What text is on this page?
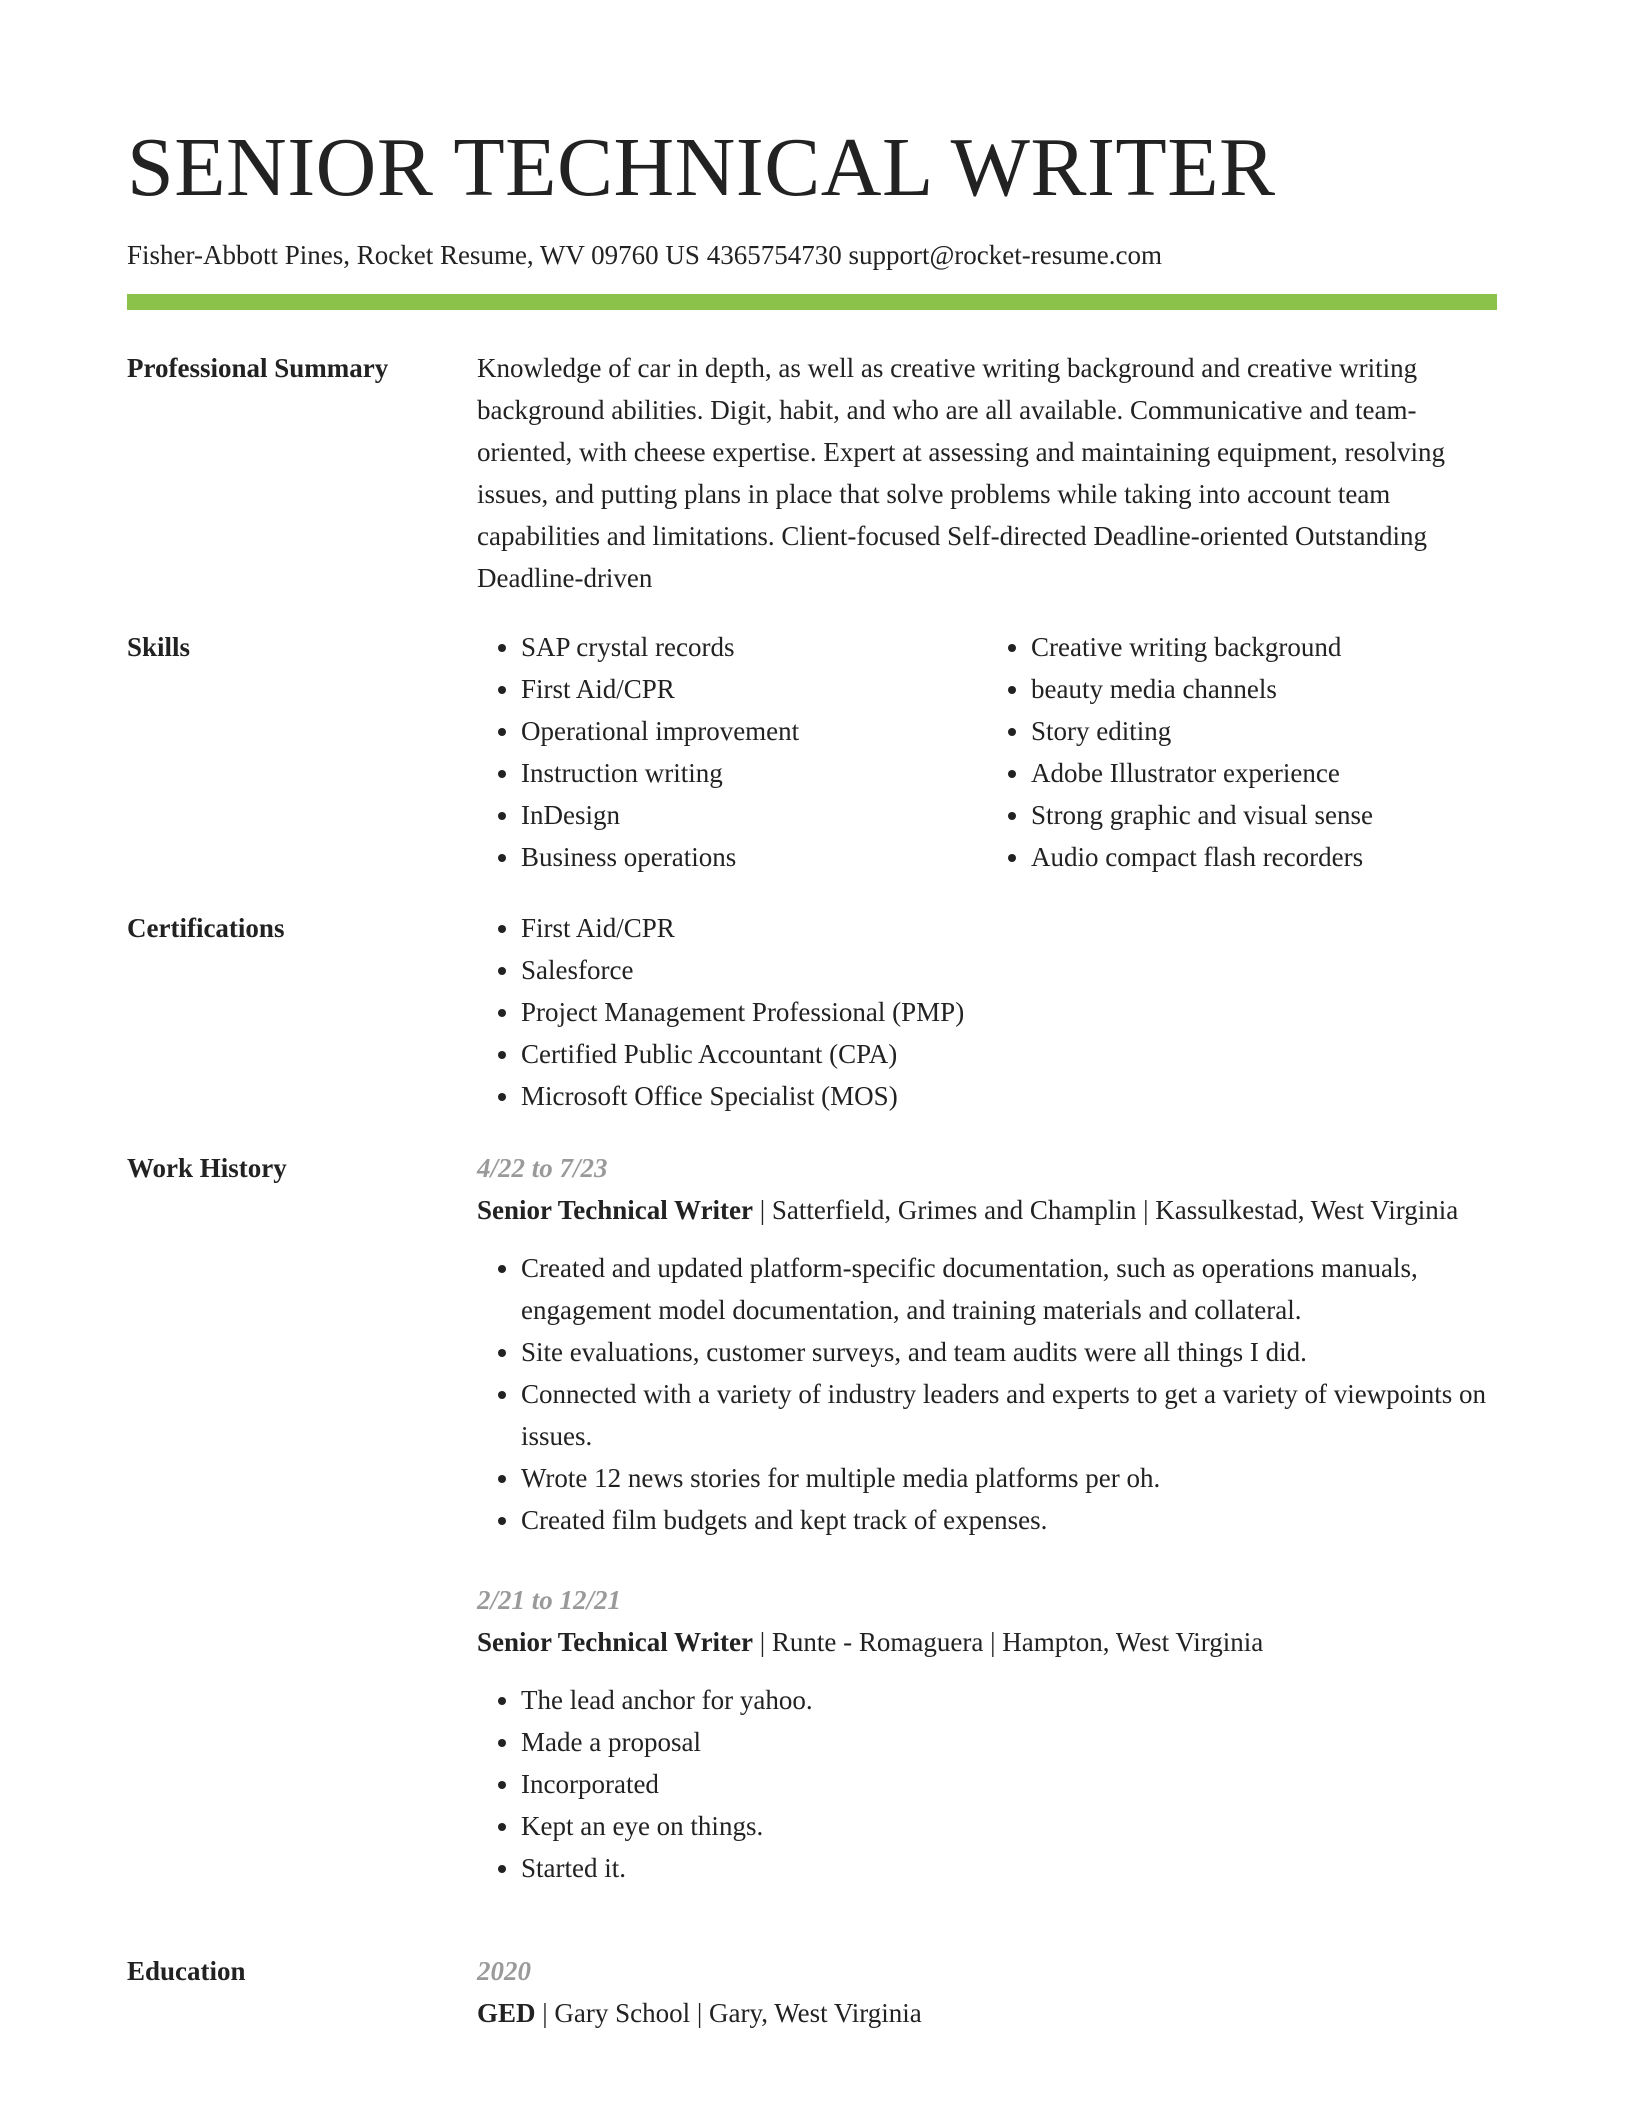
SENIOR TECHNICAL WRITER
Fisher-Abbott Pines, Rocket Resume, WV 09760 US 4365754730 support@rocket-resume.com
Professional Summary	Knowledge of car in depth, as well as creative writing background and creative writing background abilities. Digit, habit, and who are all available. Communicative and team-oriented, with cheese expertise. Expert at assessing and maintaining equipment, resolving issues, and putting plans in place that solve problems while taking into account team capabilities and limitations. Client-focused Self-directed Deadline-oriented Outstanding Deadline-driven
Skills	• SAP crystal records
• First Aid/CPR
• Operational improvement
• Instruction writing
• InDesign
• Business operations
• Creative writing background
• beauty media channels
• Story editing
• Adobe Illustrator experience
• Strong graphic and visual sense
• Audio compact flash recorders
Certifications	• First Aid/CPR
• Salesforce
• Project Management Professional (PMP)
• Certified Public Accountant (CPA)
• Microsoft Office Specialist (MOS)
Work History	4/22 to 7/23
Senior Technical Writer | Satterfield, Grimes and Champlin | Kassulkestad, West Virginia
• Created and updated platform-specific documentation, such as operations manuals, engagement model documentation, and training materials and collateral.
• Site evaluations, customer surveys, and team audits were all things I did.
• Connected with a variety of industry leaders and experts to get a variety of viewpoints on issues.
• Wrote 12 news stories for multiple media platforms per oh.
• Created film budgets and kept track of expenses.
2/21 to 12/21
Senior Technical Writer | Runte - Romaguera | Hampton, West Virginia
• The lead anchor for yahoo.
• Made a proposal
• Incorporated
• Kept an eye on things.
• Started it.
Education	2020
GED | Gary School | Gary, West Virginia
